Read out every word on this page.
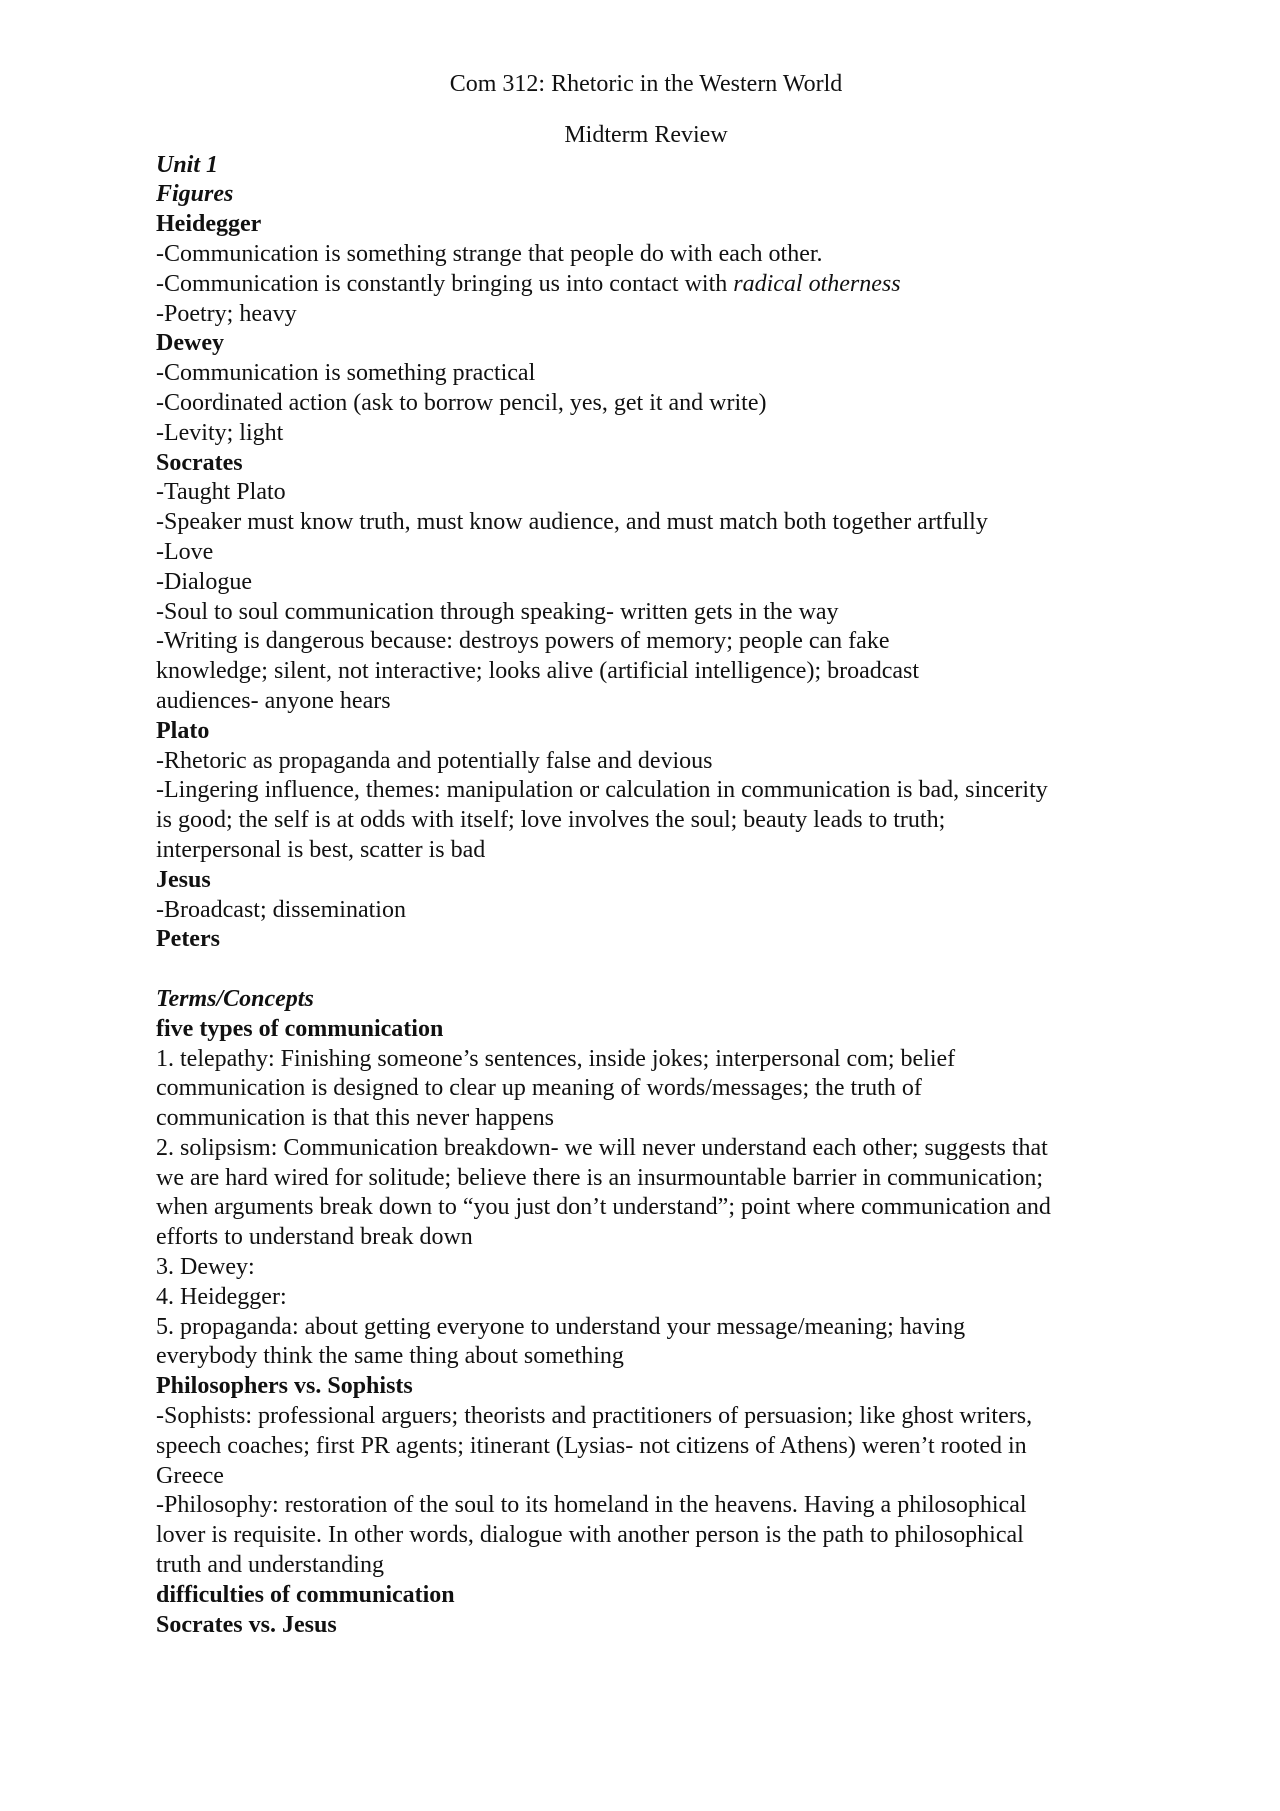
Com 312: Rhetoric in the Western World
Midterm Review
Unit 1
Figures
Heidegger
-Communication is something strange that people do with each other.
-Communication is constantly bringing us into contact with radical otherness
-Poetry; heavy
Dewey
-Communication is something practical
-Coordinated action (ask to borrow pencil, yes, get it and write)
-Levity; light
Socrates
-Taught Plato
-Speaker must know truth, must know audience, and must match both together artfully
-Love
-Dialogue
-Soul to soul communication through speaking- written gets in the way
-Writing is dangerous because: destroys powers of memory; people can fake
knowledge; silent, not interactive; looks alive (artificial intelligence); broadcast
audiences- anyone hears
Plato
-Rhetoric as propaganda and potentially false and devious
-Lingering influence, themes: manipulation or calculation in communication is bad, sincerity
is good; the self is at odds with itself; love involves the soul; beauty leads to truth;
interpersonal is best, scatter is bad
Jesus
-Broadcast; dissemination
Peters
Terms/Concepts
five types of communication
1. telepathy: Finishing someone’s sentences, inside jokes; interpersonal com; belief
communication is designed to clear up meaning of words/messages; the truth of
communication is that this never happens
2. solipsism: Communication breakdown- we will never understand each other; suggests that
we are hard wired for solitude; believe there is an insurmountable barrier in communication;
when arguments break down to “you just don’t understand”; point where communication and
efforts to understand break down
3. Dewey:
4. Heidegger:
5. propaganda: about getting everyone to understand your message/meaning; having
everybody think the same thing about something
Philosophers vs. Sophists
-Sophists: professional arguers; theorists and practitioners of persuasion; like ghost writers,
speech coaches; first PR agents; itinerant (Lysias- not citizens of Athens) weren’t rooted in
Greece
-Philosophy: restoration of the soul to its homeland in the heavens. Having a philosophical
lover is requisite. In other words, dialogue with another person is the path to philosophical
truth and understanding
difficulties of communication
Socrates vs. Jesus
